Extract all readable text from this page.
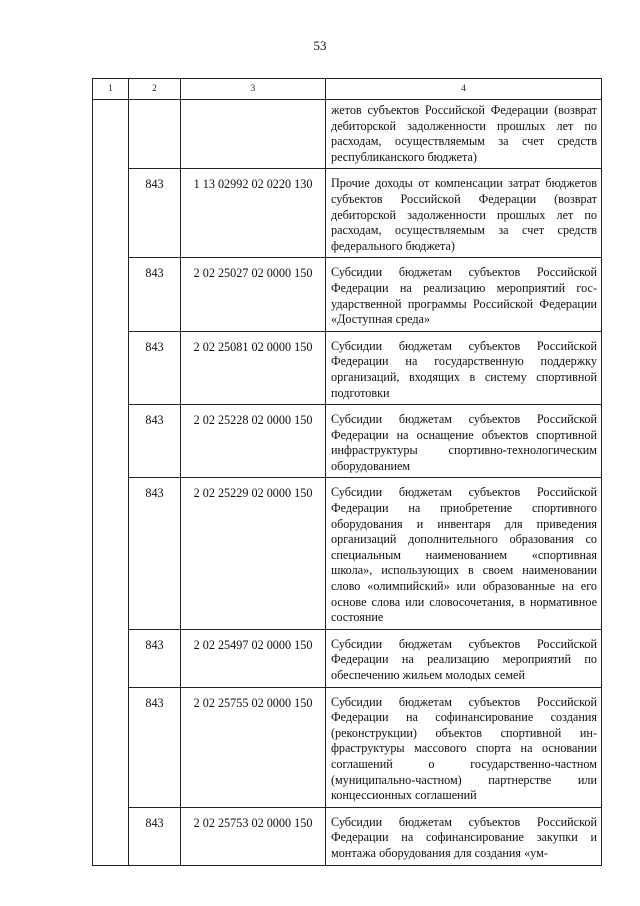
53
1	2	3	4

			жетов субъектов Российской Федерации (возврат дебиторской задолженности прошлых лет по расходам, осуществляемым за счет средств республиканского бюджета)

	843	1 13 02992 02 0220 130	Прочие доходы от компенсации затрат бюджетов субъектов Российской Федерации (возврат дебиторской задолженности прошлых лет по расходам, осуществляемым за счет средств федерального бюджета)

	843	2 02 25027 02 0000 150	Субсидии бюджетам субъектов Российской Федерации на реализацию мероприятий государственной программы Российской Федерации «Доступная среда»

	843	2 02 25081 02 0000 150	Субсидии бюджетам субъектов Российской Федерации на государственную поддержку организаций, входящих в систему спортивной подготовки

	843	2 02 25228 02 0000 150	Субсидии бюджетам субъектов Российской Федерации на оснащение объектов спортивной инфраструктуры спортивно-технологическим оборудованием

	843	2 02 25229 02 0000 150	Субсидии бюджетам субъектов Российской Федерации на приобретение спортивного оборудования и инвентаря для приведения организаций дополнительного образования со специальным наименованием «спортивная школа», использующих в своем наименовании слово «олимпийский» или образованные на его основе слова или словосочетания, в нормативное состояние

	843	2 02 25497 02 0000 150	Субсидии бюджетам субъектов Российской Федерации на реализацию мероприятий по обеспечению жильем молодых семей

	843	2 02 25755 02 0000 150	Субсидии бюджетам субъектов Российской Федерации на софинансирование создания (реконструкции) объектов спортивной инфраструктуры массового спорта на основании соглашений о государственно-частном (муниципально-частном) партнерстве или концессионных соглашений

	843	2 02 25753 02 0000 150	Субсидии бюджетам субъектов Российской Федерации на софинансирование закупки и монтажа оборудования для создания «ум-
